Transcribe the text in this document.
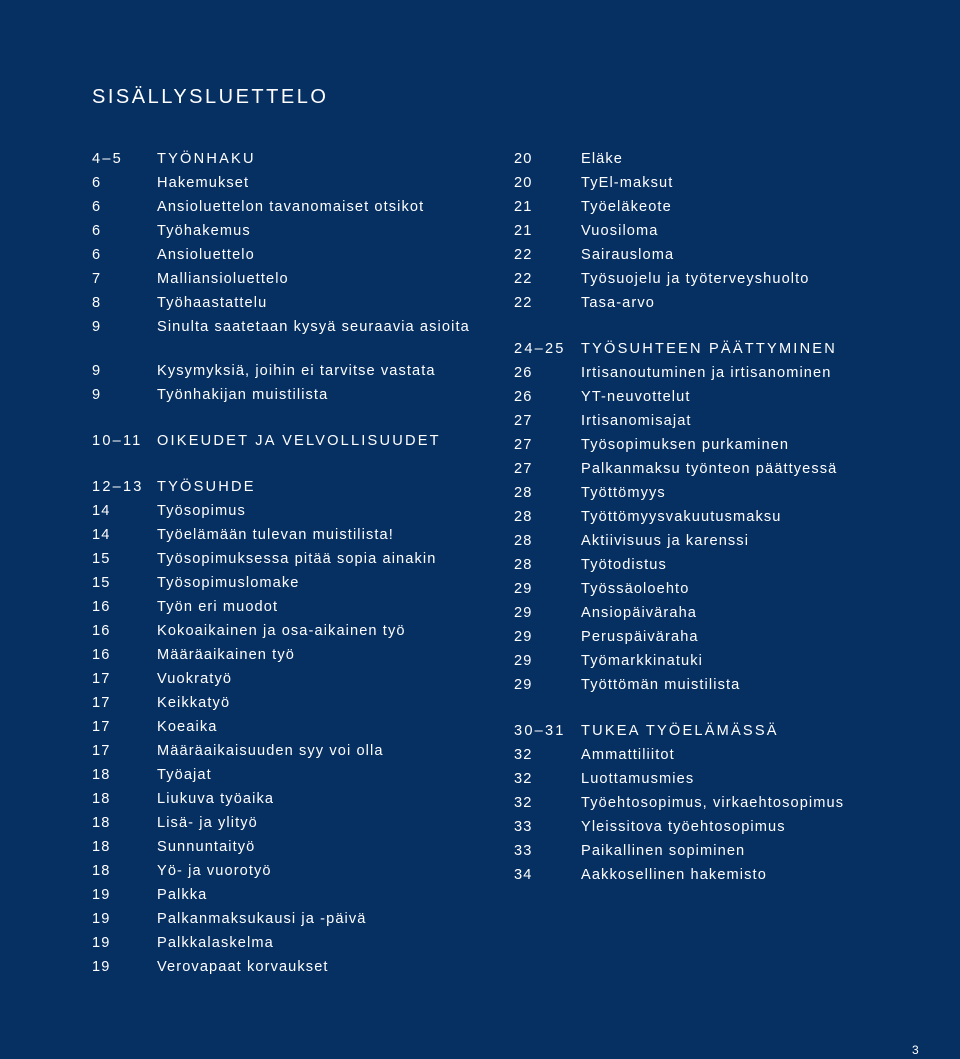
SISÄLLYSLUETTELO
4–5	TYÖNHAKU
6	Hakemukset
6	Ansioluettelon tavanomaiset otsikot
6	Työhakemus
6	Ansioluettelo
7	Malliansioluettelo
8	Työhaastattelu
9	Sinulta saatetaan kysyä seuraavia asioita
9	Kysymyksiä, joihin ei tarvitse vastata
9	Työnhakijan muistilista
10–11 OIKEUDET JA VELVOLLISUUDET
12–13 TYÖSUHDE
14	Työsopimus
14	Työelämään tulevan muistilista!
15	Työsopimuksessa pitää sopia ainakin
15	Työsopimuslomake
16	Työn eri muodot
16	Kokoaikainen ja osa-aikainen työ
16	Määräaikainen työ
17	Vuokratyö
17	Keikkatyö
17	Koeaika
17	Määräaikaisuuden syy voi olla
18	Työajat
18	Liukuva työaika
18	Lisä- ja ylityö
18	Sunnuntaityö
18	Yö- ja vuorotyö
19	Palkka
19	Palkanmaksukausi ja -päivä
19	Palkkalaskelma
19	Verovapaat korvaukset
20	Eläke
20	TyEl-maksut
21	Työeläkeote
21	Vuosiloma
22	Sairausloma
22	Työsuojelu ja työterveyshuolto
22	Tasa-arvo
24–25	TYÖSUHTEEN PÄÄTTYMINEN
26	Irtisanoutuminen ja irtisanominen
26	YT-neuvottelut
27	Irtisanomisajat
27	Työsopimuksen purkaminen
27	Palkanmaksu työnteon päättyessä
28	Työttömyys
28	Työttömyysvakuutusmaksu
28	Aktiivisuus ja karenssi
28	Työtodistus
29	Työssäoloehto
29	Ansiopäiväraha
29	Peruspäiväraha
29	Työmarkkinatuki
29	Työttömän muistilista
30–31	TUKEA TYÖELÄMÄSSÄ
32	Ammattiliitot
32	Luottamusmies
32	Työehtosopimus, virkaehtosopimus
33	Yleissitova työehtosopimus
33	Paikallinen sopiminen
34	Aakkosellinen hakemisto
3
